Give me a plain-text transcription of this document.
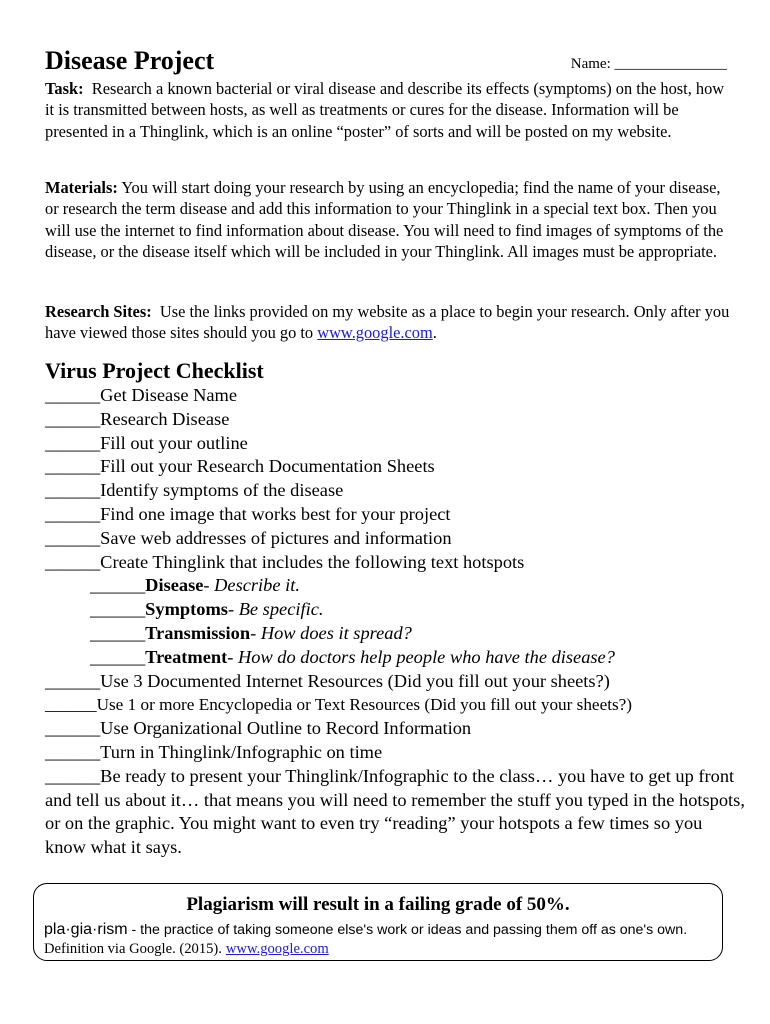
Disease Project	Name: _______________
Task: Research a known bacterial or viral disease and describe its effects (symptoms) on the host, how it is transmitted between hosts, as well as treatments or cures for the disease. Information will be presented in a Thinglink, which is an online “poster” of sorts and will be posted on my website.
Materials: You will start doing your research by using an encyclopedia; find the name of your disease, or research the term disease and add this information to your Thinglink in a special text box. Then you will use the internet to find information about disease. You will need to find images of symptoms of the disease, or the disease itself which will be included in your Thinglink. All images must be appropriate.
Research Sites: Use the links provided on my website as a place to begin your research. Only after you have viewed those sites should you go to www.google.com.
Virus Project Checklist
______Get Disease Name
______Research Disease
______Fill out your outline
______Fill out your Research Documentation Sheets
______Identify symptoms of the disease
______Find one image that works best for your project
______Save web addresses of pictures and information
______Create Thinglink that includes the following text hotspots
______Disease- Describe it.
______Symptoms- Be specific.
______Transmission- How does it spread?
______Treatment- How do doctors help people who have the disease?
______Use 3 Documented Internet Resources (Did you fill out your sheets?)
______Use 1 or more Encyclopedia or Text Resources (Did you fill out your sheets?)
______Use Organizational Outline to Record Information
______Turn in Thinglink/Infographic on time
______Be ready to present your Thinglink/Infographic to the class… you have to get up front and tell us about it… that means you will need to remember the stuff you typed in the hotspots, or on the graphic. You might want to even try “reading” your hotspots a few times so you know what it says.
Plagiarism will result in a failing grade of 50%.
pla·gia·rism - the practice of taking someone else's work or ideas and passing them off as one's own. Definition via Google. (2015). www.google.com
